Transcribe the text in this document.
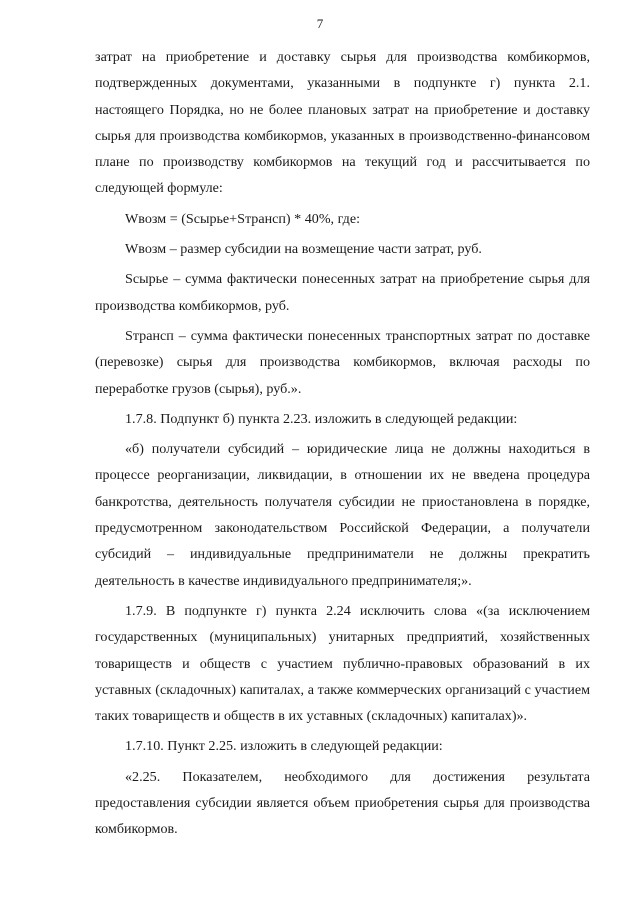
7

затрат на приобретение и доставку сырья для производства комбикормов, подтвержденных документами, указанными в подпункте г) пункта 2.1. настоящего Порядка, но не более плановых затрат на приобретение и доставку сырья для производства комбикормов, указанных в производственно-финансовом плане по производству комбикормов на текущий год и рассчитывается по следующей формуле:

Wвозм = (Sсырье+Sтрансп) * 40%, где:

Wвозм – размер субсидии на возмещение части затрат, руб.

Sсырье – сумма фактически понесенных затрат на приобретение сырья для производства комбикормов, руб.

Sтрансп – сумма фактически понесенных транспортных затрат по доставке (перевозке) сырья для производства комбикормов, включая расходы по переработке грузов (сырья), руб.».

1.7.8. Подпункт б) пункта 2.23. изложить в следующей редакции:

«б) получатели субсидий – юридические лица не должны находиться в процессе реорганизации, ликвидации, в отношении их не введена процедура банкротства, деятельность получателя субсидии не приостановлена в порядке, предусмотренном законодательством Российской Федерации, а получатели субсидий – индивидуальные предприниматели не должны прекратить деятельность в качестве индивидуального предпринимателя;».

1.7.9. В подпункте г) пункта 2.24 исключить слова «(за исключением государственных (муниципальных) унитарных предприятий, хозяйственных товариществ и обществ с участием публично-правовых образований в их уставных (складочных) капиталах, а также коммерческих организаций с участием таких товариществ и обществ в их уставных (складочных) капиталах)».

1.7.10. Пункт 2.25. изложить в следующей редакции:

«2.25. Показателем, необходимого для достижения результата предоставления субсидии является объем приобретения сырья для производства комбикормов.
